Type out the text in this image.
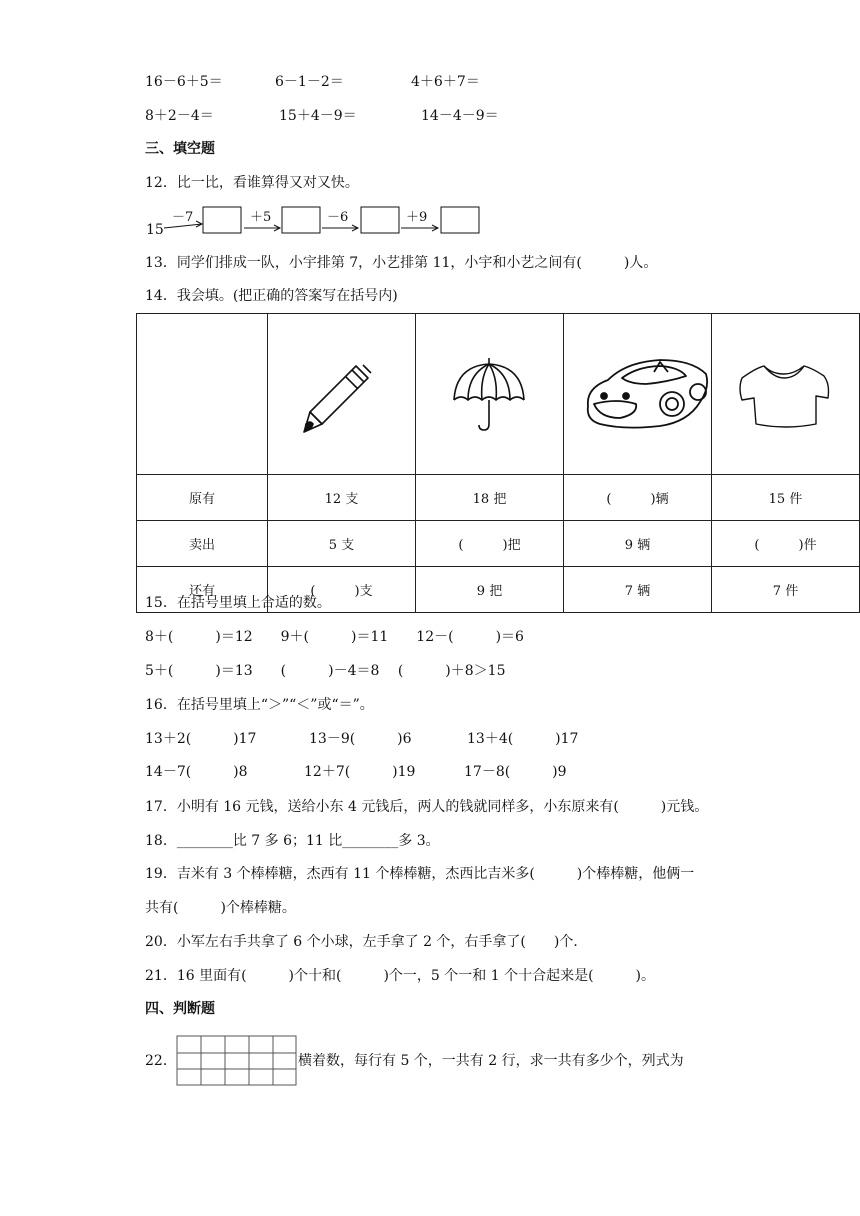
16－6＋5＝	6－1－2＝	4＋6＋7＝
8＋2－4＝	15＋4－9＝	14－4－9＝
三、填空题
12．比一比，看谁算得又对又快。
15
－7	＋5	－6	＋9
13．同学们排成一队，小宇排第 7，小艺排第 11，小宇和小艺之间有(　　　)人。
14．我会填。(把正确的答案写在括号内)

原有	12 支	18 把	(　　　)辆	15 件
卖出	5 支	(　　　)把	9 辆	(　　　)件
还有	(　　　)支	9 把	7 辆	7 件
15．在括号里填上合适的数。
8＋(　　　)＝12　　9＋(　　　)＝11　　12－(　　　)＝6
5＋(　　　)＝13　　(　　　)－4＝8　 (　　　)＋8＞15
16．在括号里填上“＞”“＜”或“＝”。
13＋2(　　　)17	13－9(　　　)6	13＋4(　　　)17
14－7(　　　)8	12＋7(　　　)19	17－8(　　　)9
17．小明有 16 元钱，送给小东 4 元钱后，两人的钱就同样多，小东原来有(　　　)元钱。
18．________比 7 多 6；11 比________多 3。
19．吉米有 3 个棒棒糖，杰西有 11 个棒棒糖，杰西比吉米多(　　　)个棒棒糖，他俩一
共有(　　　)个棒棒糖。
20．小军左右手共拿了 6 个小球，左手拿了 2 个，右手拿了(　　)个．
21．16 里面有(　　　)个十和(　　　)个一，5 个一和 1 个十合起来是(　　　)。
四、判断题
22．	横着数，每行有 5 个，一共有 2 行，求一共有多少个，列式为
